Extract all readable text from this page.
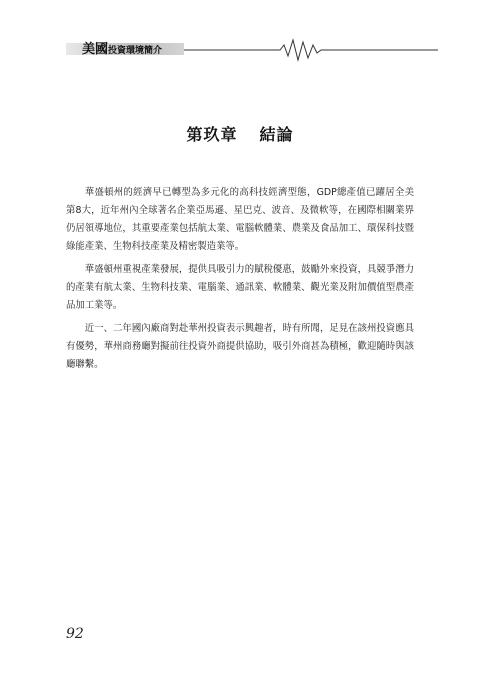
美國投資環境簡介
第玖章 結論

華盛頓州的經濟早已轉型為多元化的高科技經濟型態，GDP總產值已躍居全美第8大，近年州內全球著名企業亞馬遜、星巴克、波音、及微軟等，在國際相關業界仍居領導地位，其重要產業包括航太業、電腦軟體業、農業及食品加工、環保科技暨綠能產業、生物科技產業及精密製造業等。

華盛頓州重視產業發展，提供具吸引力的賦稅優惠，鼓勵外來投資，具競爭潛力的產業有航太業、生物科技業、電腦業、通訊業、軟體業、觀光業及附加價值型農產品加工業等。

近一、二年國內廠商對赴華州投資表示興趣者，時有所聞，足見在該州投資應具有優勢，華州商務廳對擬前往投資外商提供協助，吸引外商甚為積極，歡迎隨時與該廳聯繫。

92
